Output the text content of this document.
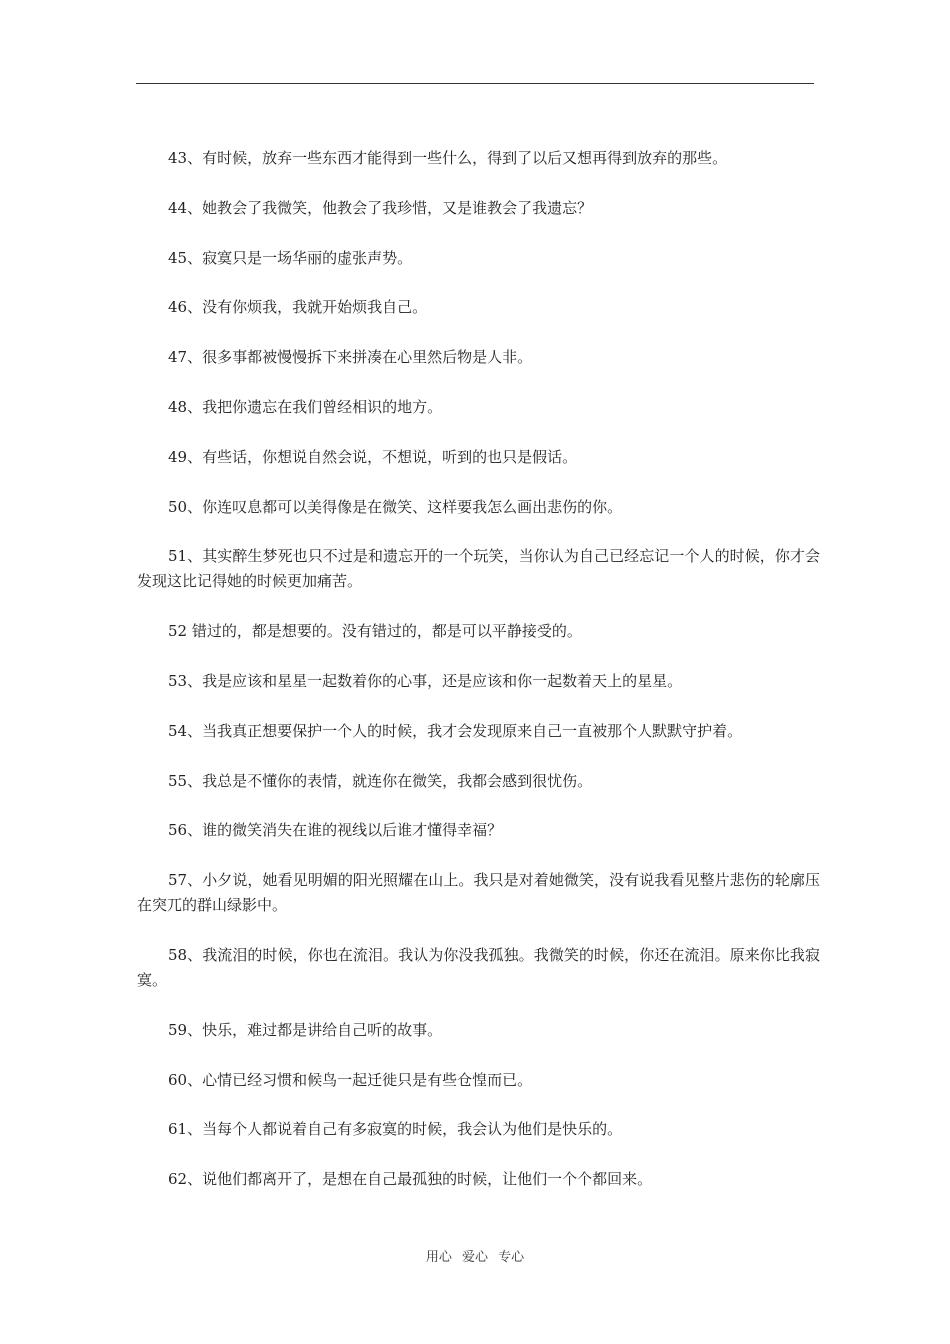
43、有时候，放弃一些东西才能得到一些什么，得到了以后又想再得到放弃的那些。

44、她教会了我微笑，他教会了我珍惜，又是谁教会了我遗忘？

45、寂寞只是一场华丽的虚张声势。

46、没有你烦我，我就开始烦我自己。

47、很多事都被慢慢拆下来拼凑在心里然后物是人非。

48、我把你遗忘在我们曾经相识的地方。

49、有些话，你想说自然会说，不想说，听到的也只是假话。

50、你连叹息都可以美得像是在微笑、这样要我怎么画出悲伤的你。

51、其实醉生梦死也只不过是和遗忘开的一个玩笑，当你认为自己已经忘记一个人的时候，你才会发现这比记得她的时候更加痛苦。

52 错过的，都是想要的。没有错过的，都是可以平静接受的。

53、我是应该和星星一起数着你的心事，还是应该和你一起数着天上的星星。

54、当我真正想要保护一个人的时候，我才会发现原来自己一直被那个人默默守护着。

55、我总是不懂你的表情，就连你在微笑，我都会感到很忧伤。

56、谁的微笑消失在谁的视线以后谁才懂得幸福？

57、小夕说，她看见明媚的阳光照耀在山上。我只是对着她微笑，没有说我看见整片悲伤的轮廓压在突兀的群山绿影中。

58、我流泪的时候，你也在流泪。我认为你没我孤独。我微笑的时候，你还在流泪。原来你比我寂寞。

59、快乐，难过都是讲给自己听的故事。

60、心情已经习惯和候鸟一起迁徙只是有些仓惶而已。

61、当每个人都说着自己有多寂寞的时候，我会认为他们是快乐的。

62、说他们都离开了，是想在自己最孤独的时候，让他们一个个都回来。

用心 爱心 专心
